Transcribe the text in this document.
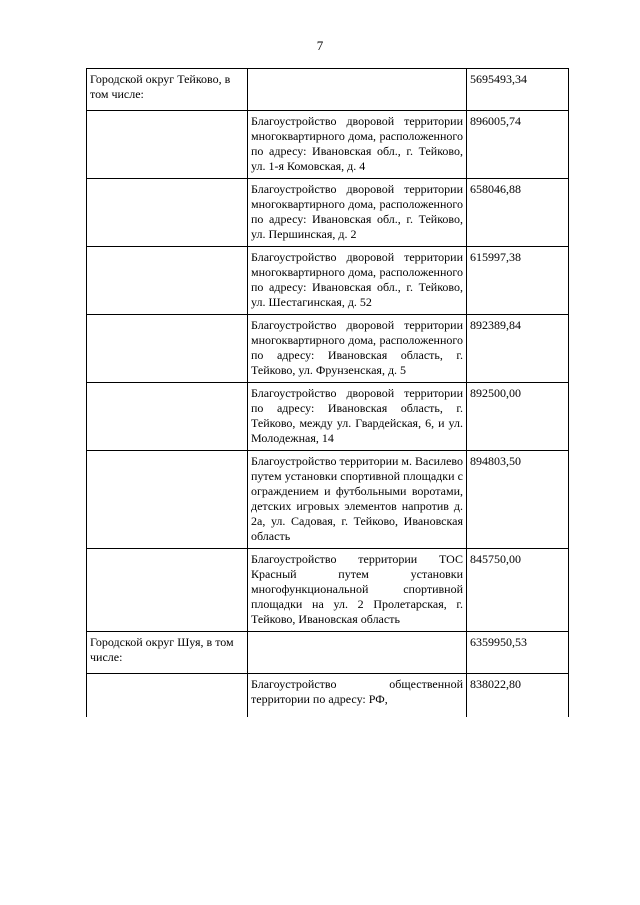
7
Городской округ Тейково, в том числе:		5695493,34
	Благоустройство дворовой территории многоквартирного дома, расположенного по адресу: Ивановская обл., г. Тейково, ул. 1-я Комовская, д. 4	896005,74
	Благоустройство дворовой территории многоквартирного дома, расположенного по адресу: Ивановская обл., г. Тейково, ул. Першинская, д. 2	658046,88
	Благоустройство дворовой территории многоквартирного дома, расположенного по адресу: Ивановская обл., г. Тейково, ул. Шестагинская, д. 52	615997,38
	Благоустройство дворовой территории многоквартирного дома, расположенного по адресу: Ивановская область, г. Тейково, ул. Фрунзенская, д. 5	892389,84
	Благоустройство дворовой территории по адресу: Ивановская область, г. Тейково, между ул. Гвардейская, 6, и ул. Молодежная, 14	892500,00
	Благоустройство территории м. Василево путем установки спортивной площадки с ограждением и футбольными воротами, детских игровых элементов напротив д. 2а, ул. Садовая, г. Тейково, Ивановская область	894803,50
	Благоустройство территории ТОС Красный путем установки многофункциональной спортивной площадки на ул. 2 Пролетарская, г. Тейково, Ивановская область	845750,00
Городской округ Шуя, в том числе:		6359950,53
	Благоустройство общественной территории по адресу: РФ,	838022,80
